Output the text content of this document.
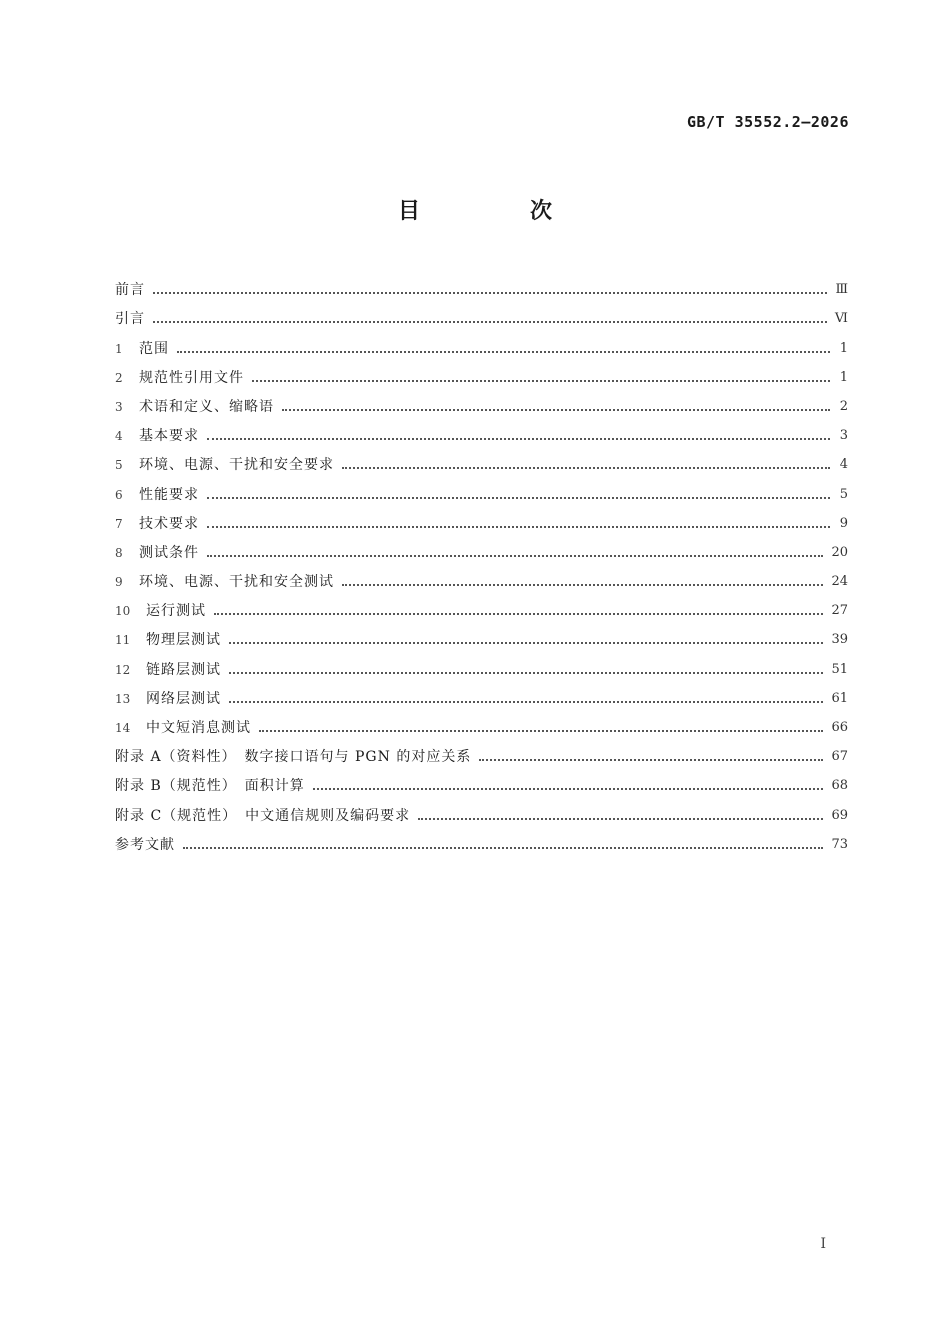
GB/T 35552.2—2026
目　次
前言	Ⅲ
引言	Ⅵ
1	范围	1
2	规范性引用文件	1
3	术语和定义、缩略语	2
4	基本要求	3
5	环境、电源、干扰和安全要求	4
6	性能要求	5
7	技术要求	9
8	测试条件	20
9	环境、电源、干扰和安全测试	24
10	运行测试	27
11	物理层测试	39
12	链路层测试	51
13	网络层测试	61
14	中文短消息测试	66
附录 A（资料性）　数字接口语句与 PGN 的对应关系	67
附录 B（规范性）　面积计算	68
附录 C（规范性）　中文通信规则及编码要求	69
参考文献	73
Ⅰ
